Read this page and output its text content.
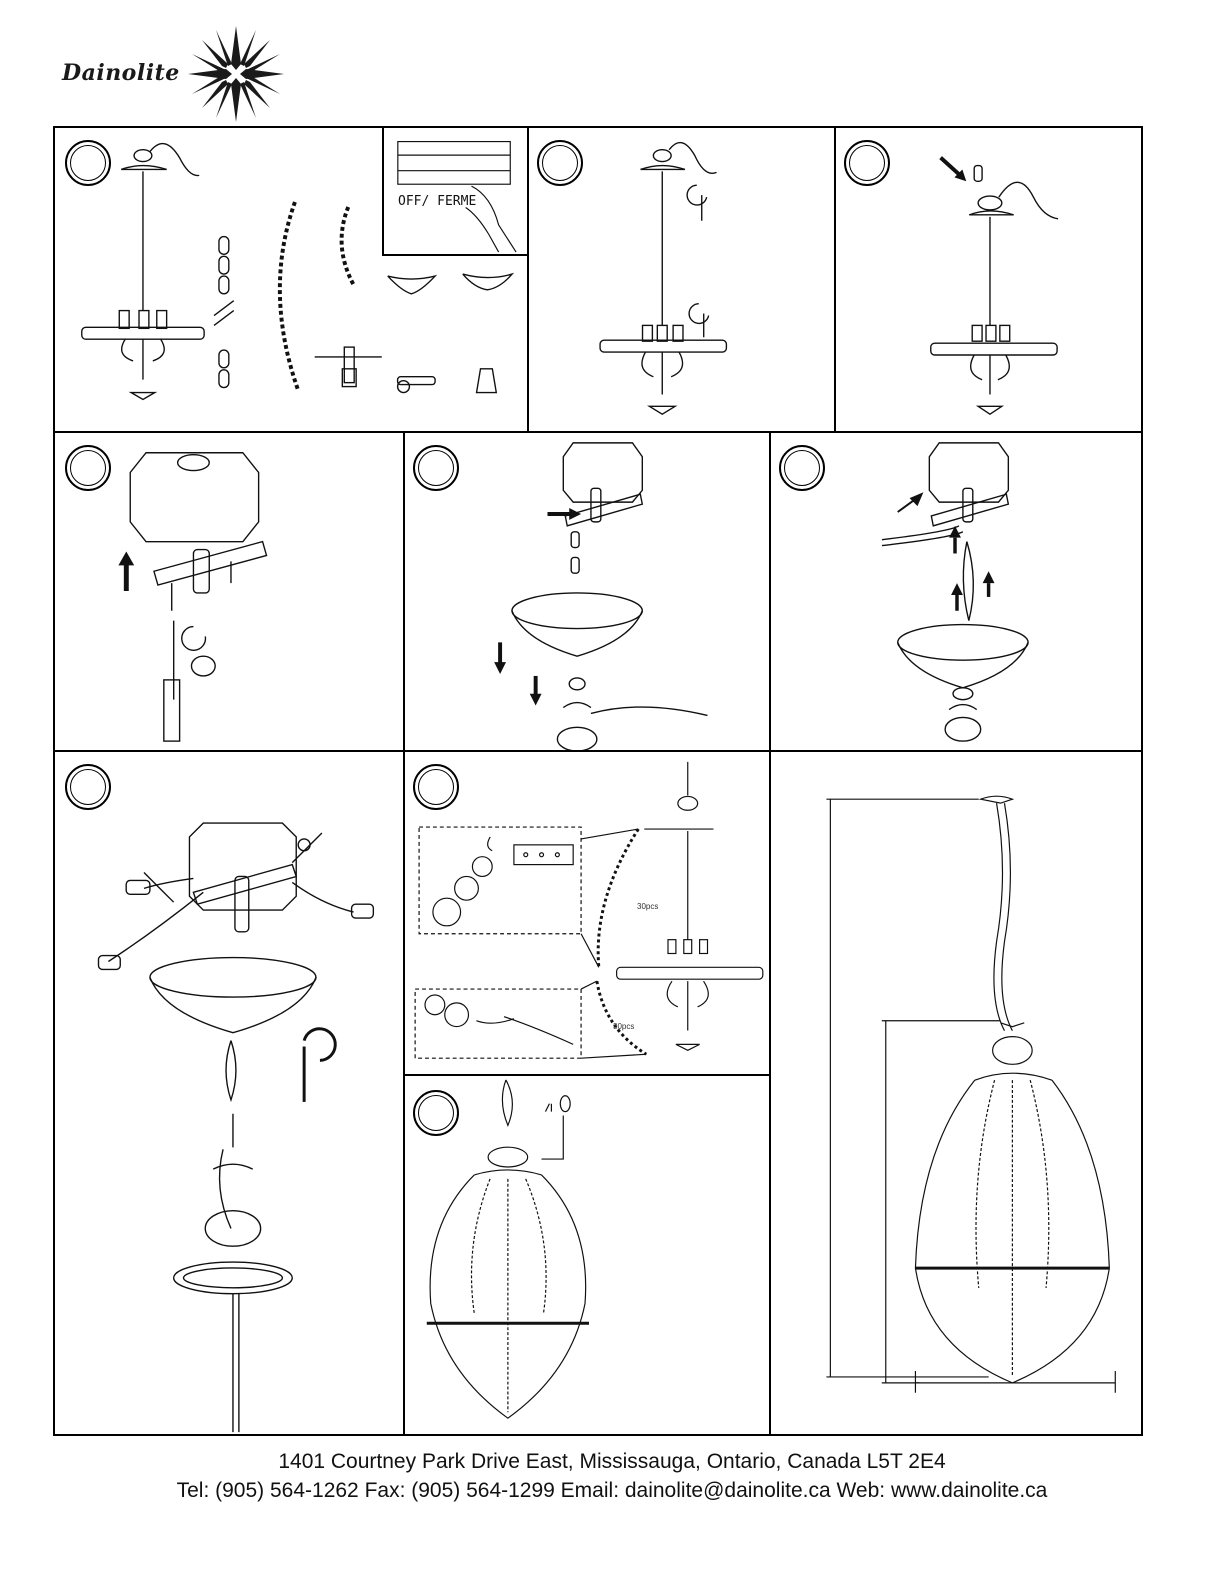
Dainolite
OFF/ FERME
30pcs
30pcs
1401 Courtney Park Drive East, Mississauga, Ontario, Canada L5T 2E4
Tel: (905) 564-1262 Fax: (905) 564-1299 Email: dainolite@dainolite.ca Web: www.dainolite.ca
